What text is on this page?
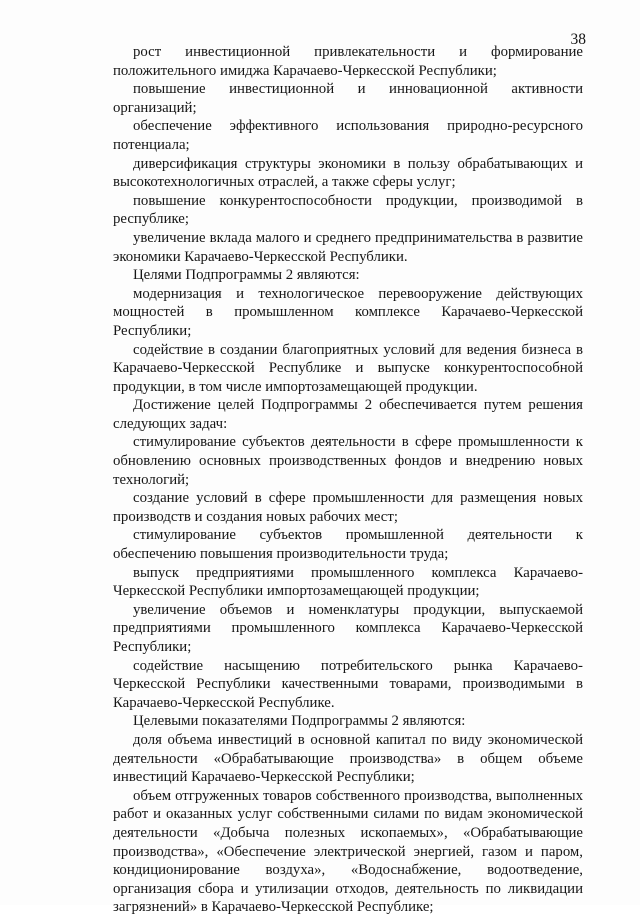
38

рост инвестиционной привлекательности и формирование положительного имиджа Карачаево-Черкесской Республики;

повышение инвестиционной и инновационной активности организаций;

обеспечение эффективного использования природно-ресурсного потенциала;

диверсификация структуры экономики в пользу обрабатывающих и высокотехнологичных отраслей, а также сферы услуг;

повышение конкурентоспособности продукции, производимой в республике;

увеличение вклада малого и среднего предпринимательства в развитие экономики Карачаево-Черкесской Республики.

Целями Подпрограммы 2 являются:

модернизация и технологическое перевооружение действующих мощностей в промышленном комплексе Карачаево-Черкесской Республики;

содействие в создании благоприятных условий для ведения бизнеса в Карачаево-Черкесской Республике и выпуске конкурентоспособной продукции, в том числе импортозамещающей продукции.

Достижение целей Подпрограммы 2 обеспечивается путем решения следующих задач:

стимулирование субъектов деятельности в сфере промышленности к обновлению основных производственных фондов и внедрению новых технологий;

создание условий в сфере промышленности для размещения новых производств и создания новых рабочих мест;

стимулирование субъектов промышленной деятельности к обеспечению повышения производительности труда;

выпуск предприятиями промышленного комплекса Карачаево-Черкесской Республики импортозамещающей продукции;

увеличение объемов и номенклатуры продукции, выпускаемой предприятиями промышленного комплекса Карачаево-Черкесской Республики;

содействие насыщению потребительского рынка Карачаево-Черкесской Республики качественными товарами, производимыми в Карачаево-Черкесской Республике.

Целевыми показателями Подпрограммы 2 являются:

доля объема инвестиций в основной капитал по виду экономической деятельности «Обрабатывающие производства» в общем объеме инвестиций Карачаево-Черкесской Республики;

объем отгруженных товаров собственного производства, выполненных работ и оказанных услуг собственными силами по видам экономической деятельности «Добыча полезных ископаемых», «Обрабатывающие производства», «Обеспечение электрической энергией, газом и паром, кондиционирование воздуха», «Водоснабжение, водоотведение, организация сбора и утилизации отходов, деятельность по ликвидации загрязнений» в Карачаево-Черкесской Республике;
